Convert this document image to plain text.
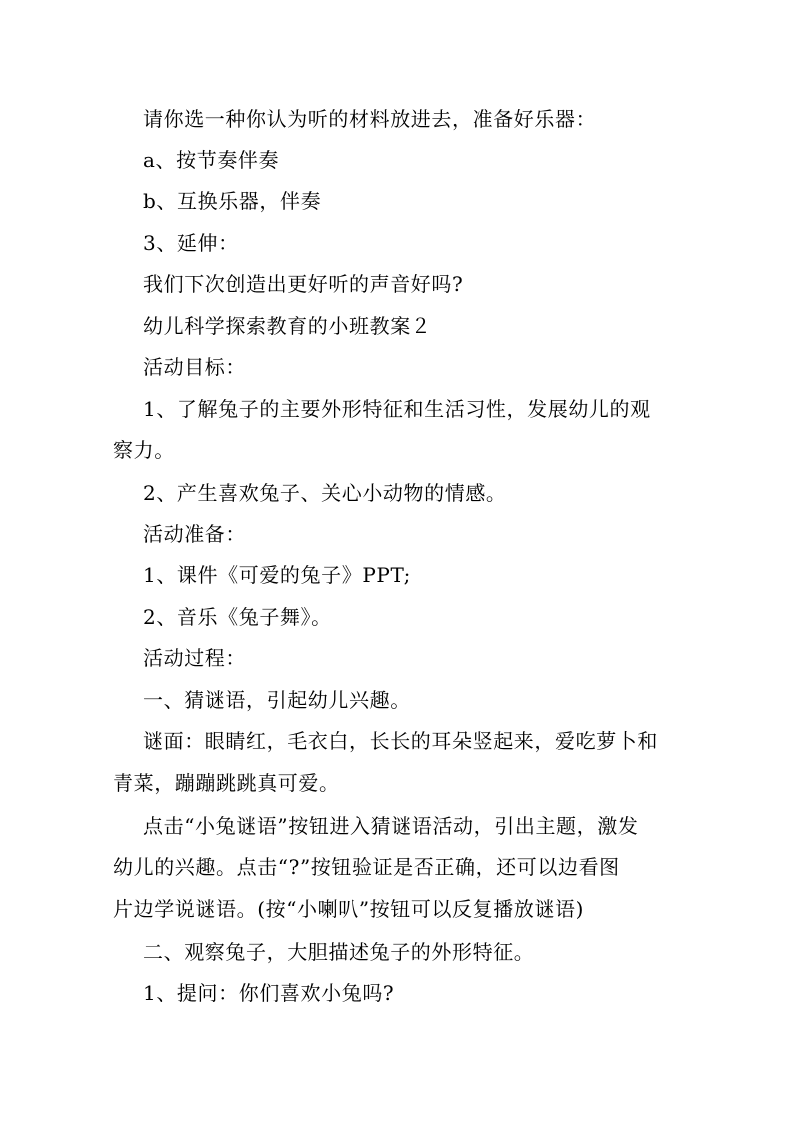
请你选一种你认为听的材料放进去，准备好乐器：
a、按节奏伴奏
b、互换乐器，伴奏
3、延伸：
我们下次创造出更好听的声音好吗?
幼儿科学探索教育的小班教案２
活动目标：
1、了解兔子的主要外形特征和生活习性，发展幼儿的观
察力。
2、产生喜欢兔子、关心小动物的情感。
活动准备：
1、课件《可爱的兔子》PPT;
2、音乐《兔子舞》。
活动过程：
一、猜谜语，引起幼儿兴趣。
谜面：眼睛红，毛衣白，长长的耳朵竖起来，爱吃萝卜和
青菜，蹦蹦跳跳真可爱。
点击“小兔谜语”按钮进入猜谜语活动，引出主题，激发
幼儿的兴趣。点击“?”按钮验证是否正确，还可以边看图
片边学说谜语。(按“小喇叭”按钮可以反复播放谜语)
二、观察兔子，大胆描述兔子的外形特征。
1、提问：你们喜欢小兔吗?
